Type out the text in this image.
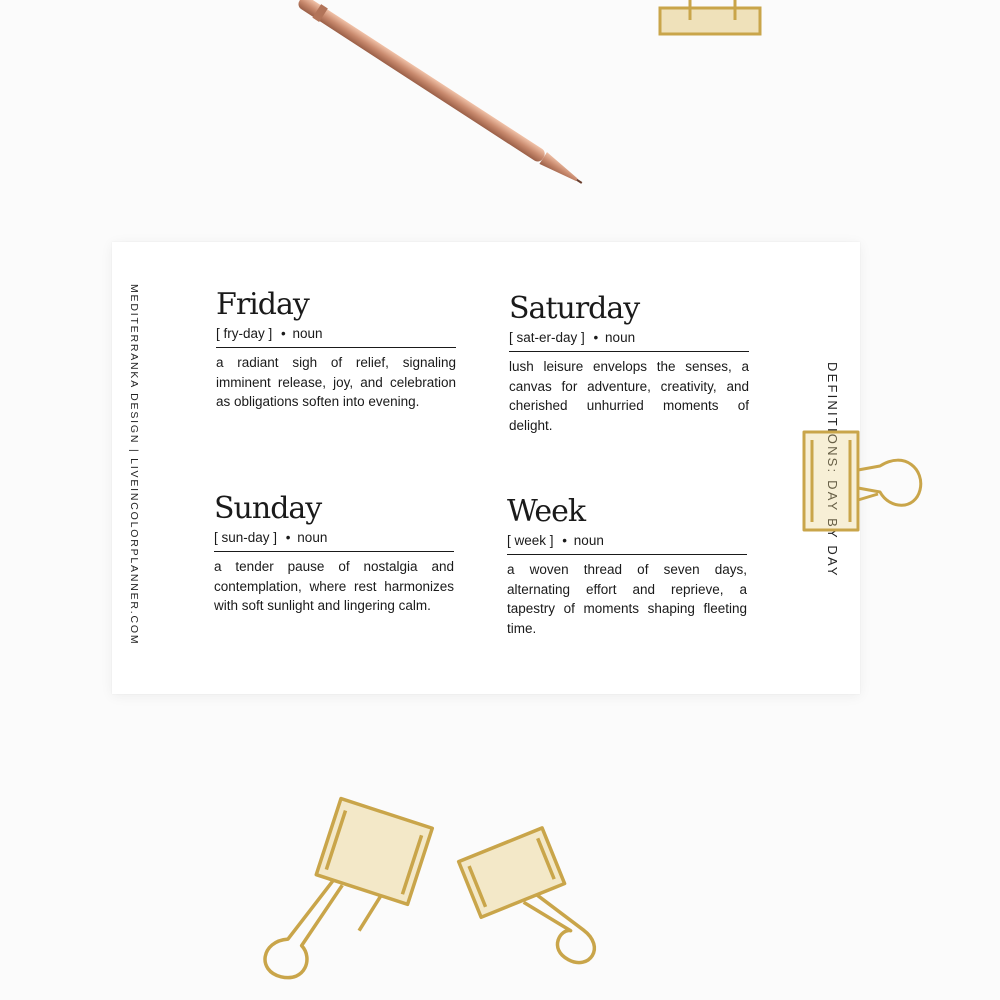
MEDITERRANKA DESIGN | LIVEINCOLORPLANNER.COM	DEFINITIONS: DAY BY DAY

Friday

[ fry-day ] • noun
a radiant sigh of relief, signaling imminent release, joy, and celebration as obligations soften into evening.

Saturday

[ sat-er-day ] • noun
lush leisure envelops the senses, a canvas for adventure, creativity, and cherished unhurried moments of delight.

Sunday

[ sun-day ] • noun
a tender pause of nostalgia and contemplation, where rest harmonizes with soft sunlight and lingering calm.

Week

[ week ] • noun
a woven thread of seven days, alternating effort and reprieve, a tapestry of moments shaping fleeting time.
